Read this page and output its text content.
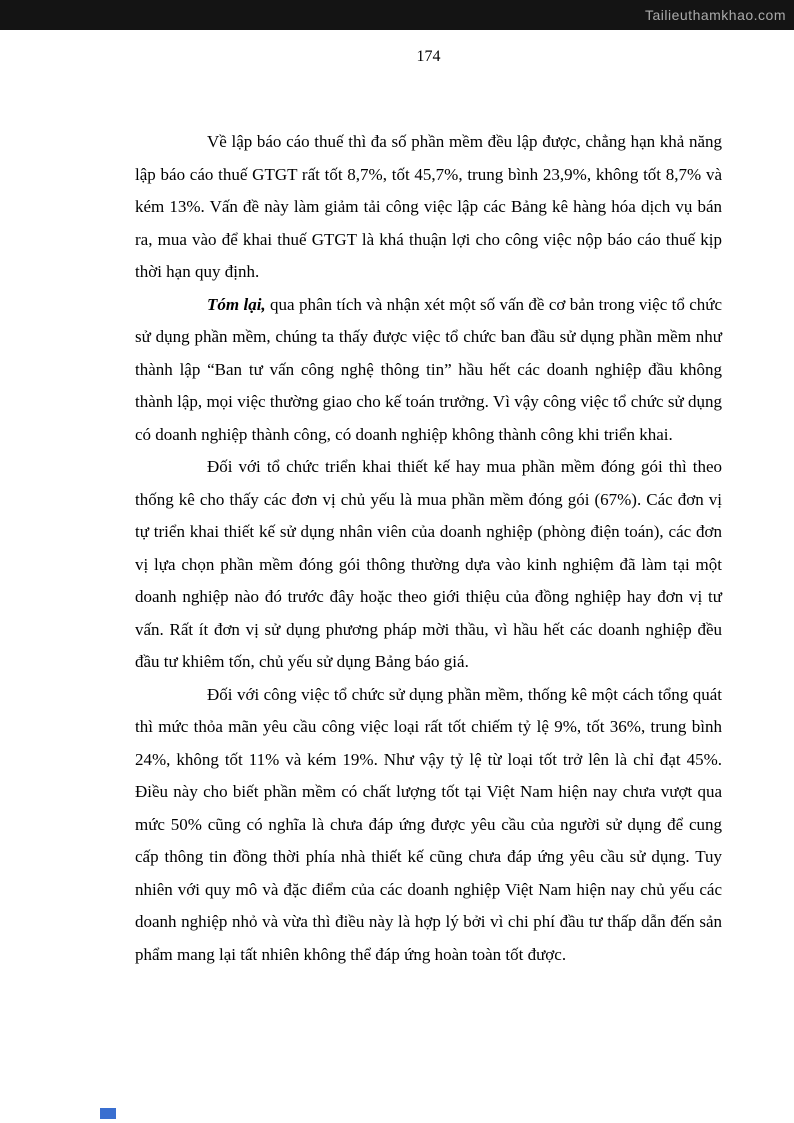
Tailieuthamkhao.com
174

Về lập báo cáo thuế thì đa số phần mềm đều lập được, chẳng hạn khả năng lập báo cáo thuế GTGT rất tốt 8,7%, tốt 45,7%, trung bình 23,9%, không tốt 8,7% và kém 13%. Vấn đề này làm giảm tải công việc lập các Bảng kê hàng hóa dịch vụ bán ra, mua vào để khai thuế GTGT là khá thuận lợi cho công việc nộp báo cáo thuế kịp thời hạn quy định.

Tóm lại, qua phân tích và nhận xét một số vấn đề cơ bản trong việc tổ chức sử dụng phần mềm, chúng ta thấy được việc tổ chức ban đầu sử dụng phần mềm như thành lập “Ban tư vấn công nghệ thông tin” hầu hết các doanh nghiệp đầu không thành lập, mọi việc thường giao cho kế toán trưởng. Vì vậy công việc tổ chức sử dụng có doanh nghiệp thành công, có doanh nghiệp không thành công khi triển khai.

Đối với tổ chức triển khai thiết kế hay mua phần mềm đóng gói thì theo thống kê cho thấy các đơn vị chủ yếu là mua phần mềm đóng gói (67%). Các đơn vị tự triển khai thiết kế sử dụng nhân viên của doanh nghiệp (phòng điện toán), các đơn vị lựa chọn phần mềm đóng gói thông thường dựa vào kinh nghiệm đã làm tại một doanh nghiệp nào đó trước đây hoặc theo giới thiệu của đồng nghiệp hay đơn vị tư vấn. Rất ít đơn vị sử dụng phương pháp mời thầu, vì hầu hết các doanh nghiệp đều đầu tư khiêm tốn, chủ yếu sử dụng Bảng báo giá.

Đối với công việc tổ chức sử dụng phần mềm, thống kê một cách tổng quát thì mức thỏa mãn yêu cầu công việc loại rất tốt chiếm tỷ lệ 9%, tốt 36%, trung bình 24%, không tốt 11% và kém 19%. Như vậy tỷ lệ từ loại tốt trở lên là chỉ đạt 45%. Điều này cho biết phần mềm có chất lượng tốt tại Việt Nam hiện nay chưa vượt qua mức 50% cũng có nghĩa là chưa đáp ứng được yêu cầu của người sử dụng để cung cấp thông tin đồng thời phía nhà thiết kế cũng chưa đáp ứng yêu cầu sử dụng. Tuy nhiên với quy mô và đặc điểm của các doanh nghiệp Việt Nam hiện nay chủ yếu các doanh nghiệp nhỏ và vừa thì điều này là hợp lý bởi vì chi phí đầu tư thấp dẫn đến sản phẩm mang lại tất nhiên không thể đáp ứng hoàn toàn tốt được.
